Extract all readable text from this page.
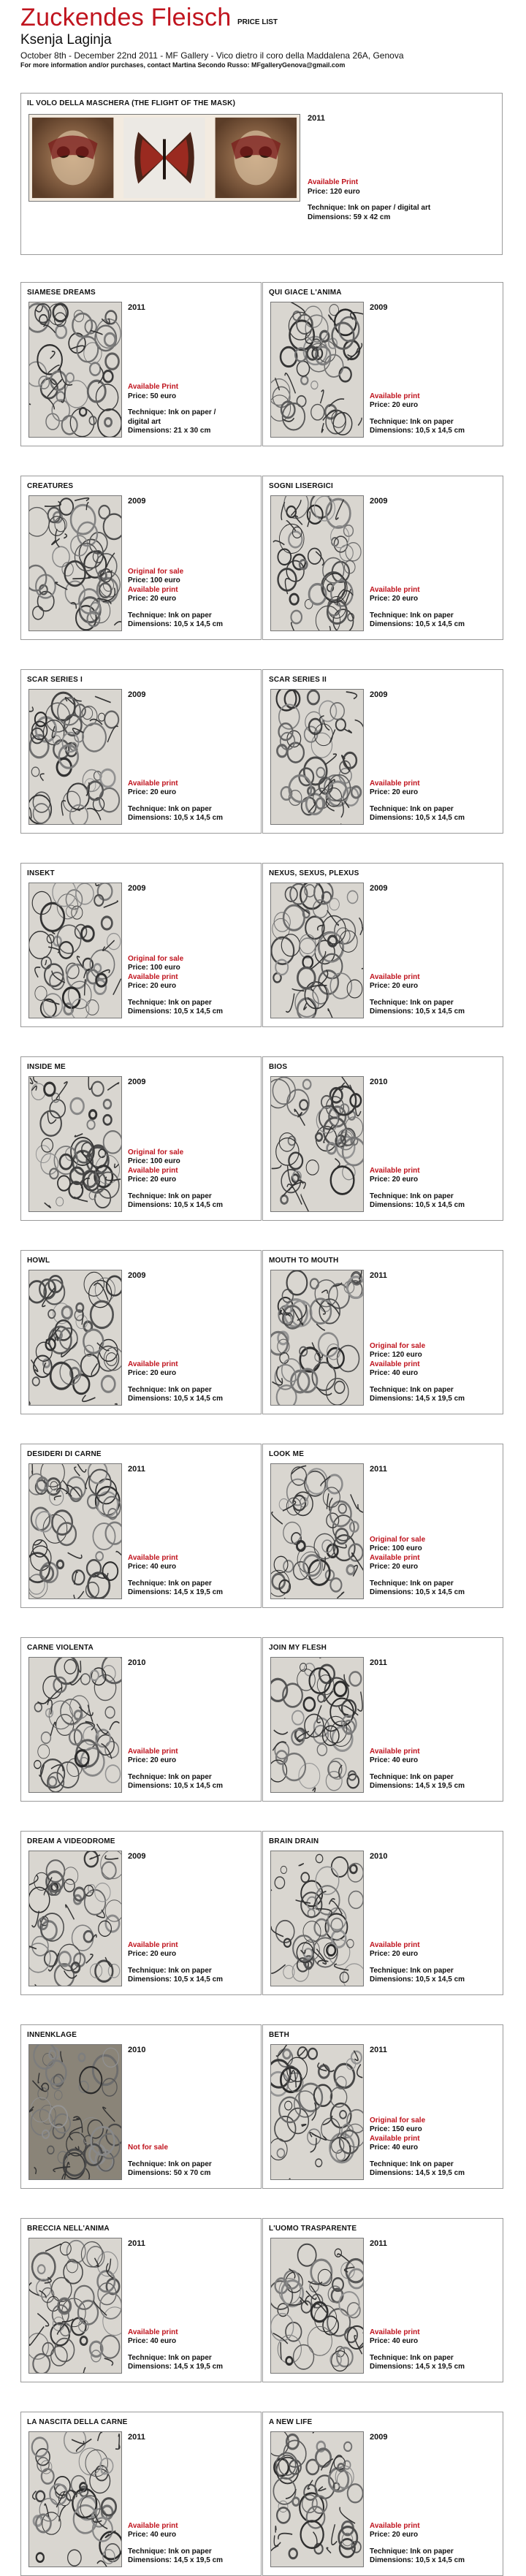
Zuckendes Fleisch PRICE LIST
Ksenja Laginja
October 8th - December 22nd 2011 - MF Gallery - Vico dietro il coro della Maddalena 26A, Genova
For more information and/or purchases, contact Martina Secondo Russo: MFgalleryGenova@gmail.com
IL VOLO DELLA MASCHERA (THE FLIGHT OF THE MASK)
2011
Available Print
Price: 120 euro
Technique: Ink on paper / digital art
Dimensions: 59 x 42 cm
SIAMESE DREAMS
2011
Available Print
Price: 50 euro
Technique: Ink on paper /
digital art
Dimensions: 21 x 30 cm
QUI GIACE L'ANIMA
2009
Available print
Price: 20 euro
Technique: Ink on paper
Dimensions: 10,5 x 14,5 cm
CREATURES
2009
Original for sale
Price: 100 euro
Available print
Price: 20 euro
Technique: Ink on paper
Dimensions: 10,5 x 14,5 cm
SOGNI LISERGICI
2009
Available print
Price: 20 euro
Technique: Ink on paper
Dimensions: 10,5 x 14,5 cm
SCAR SERIES I
2009
Available print
Price: 20 euro
Technique: Ink on paper
Dimensions: 10,5 x 14,5 cm
SCAR SERIES II
2009
Available print
Price: 20 euro
Technique: Ink on paper
Dimensions: 10,5 x 14,5 cm
INSEKT
2009
Original for sale
Price: 100 euro
Available print
Price: 20 euro
Technique: Ink on paper
Dimensions: 10,5 x 14,5 cm
NEXUS, SEXUS, PLEXUS
2009
Available print
Price: 20 euro
Technique: Ink on paper
Dimensions: 10,5 x 14,5 cm
INSIDE ME
2009
Original for sale
Price: 100 euro
Available print
Price: 20 euro
Technique: Ink on paper
Dimensions: 10,5 x 14,5 cm
BIOS
2010
Available print
Price: 20 euro
Technique: Ink on paper
Dimensions: 10,5 x 14,5 cm
HOWL
2009
Available print
Price: 20 euro
Technique: Ink on paper
Dimensions: 10,5 x 14,5 cm
MOUTH TO MOUTH
2011
Original for sale
Price: 120 euro
Available print
Price: 40 euro
Technique: Ink on paper
Dimensions: 14,5 x 19,5 cm
DESIDERI DI CARNE
2011
Available print
Price: 40 euro
Technique: Ink on paper
Dimensions: 14,5 x 19,5 cm
LOOK ME
2011
Original for sale
Price: 100 euro
Available print
Price: 20 euro
Technique: Ink on paper
Dimensions: 10,5 x 14,5 cm
CARNE VIOLENTA
2010
Available print
Price: 20 euro
Technique: Ink on paper
Dimensions: 10,5 x 14,5 cm
JOIN MY FLESH
2011
Available print
Price: 40 euro
Technique: Ink on paper
Dimensions: 14,5 x 19,5 cm
DREAM A VIDEODROME
2009
Available print
Price: 20 euro
Technique: Ink on paper
Dimensions: 10,5 x 14,5 cm
BRAIN DRAIN
2010
Available print
Price: 20 euro
Technique: Ink on paper
Dimensions: 10,5 x 14,5 cm
INNENKLAGE
2010
Not for sale
Technique: Ink on paper
Dimensions: 50 x 70 cm
BETH
2011
Original for sale
Price: 150 euro
Available print
Price: 40 euro
Technique: Ink on paper
Dimensions: 14,5 x 19,5 cm
BRECCIA NELL'ANIMA
2011
Available print
Price: 40 euro
Technique: Ink on paper
Dimensions: 14,5 x 19,5 cm
L'UOMO TRASPARENTE
2011
Available print
Price: 40 euro
Technique: Ink on paper
Dimensions: 14,5 x 19,5 cm
LA NASCITA DELLA CARNE
2011
Available print
Price: 40 euro
Technique: Ink on paper
Dimensions: 14,5 x 19,5 cm
A NEW LIFE
2009
Available print
Price: 20 euro
Technique: Ink on paper
Dimensions: 10,5 x 14,5 cm
